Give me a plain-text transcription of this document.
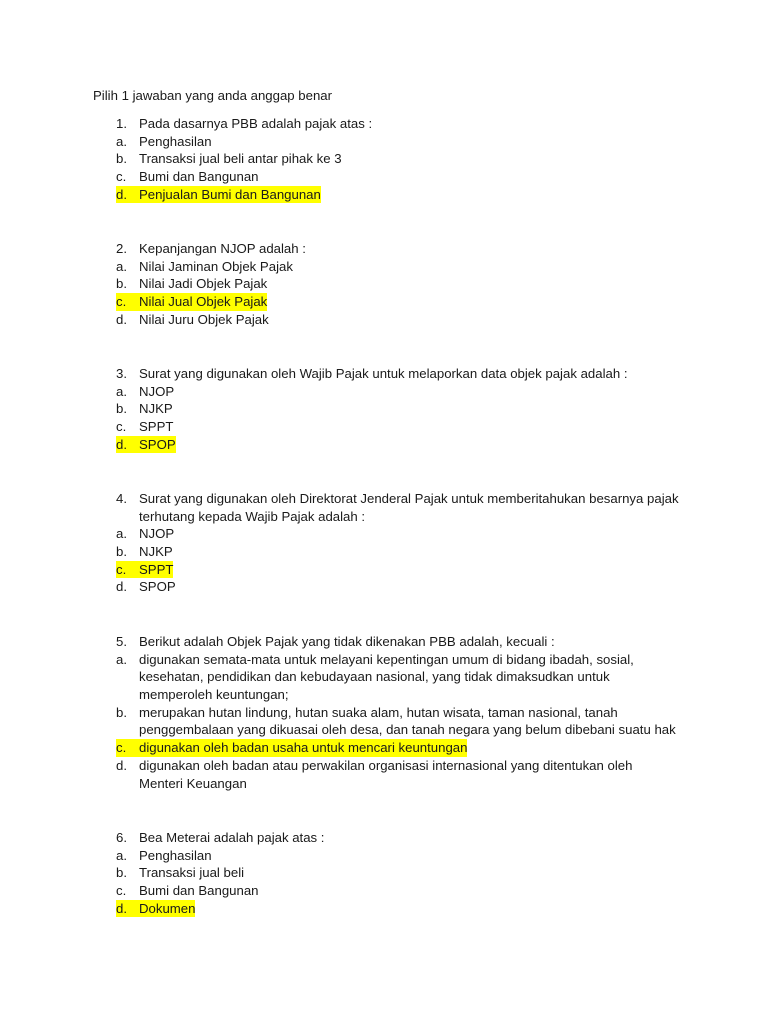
Pilih 1 jawaban yang anda anggap benar
1. Pada dasarnya PBB adalah pajak atas :
a. Penghasilan
b. Transaksi jual beli antar pihak ke 3
c. Bumi dan Bangunan
d. Penjualan Bumi dan Bangunan
2. Kepanjangan NJOP adalah :
a. Nilai Jaminan Objek Pajak
b. Nilai Jadi Objek Pajak
c. Nilai Jual Objek Pajak
d. Nilai Juru Objek Pajak
3. Surat yang digunakan oleh Wajib Pajak untuk melaporkan data objek pajak adalah :
a. NJOP
b. NJKP
c. SPPT
d. SPOP
4. Surat yang digunakan oleh Direktorat Jenderal Pajak untuk memberitahukan besarnya pajak
terhutang kepada Wajib Pajak adalah :
a. NJOP
b. NJKP
c. SPPT
d. SPOP
5. Berikut adalah Objek Pajak yang tidak dikenakan PBB adalah, kecuali :
a. digunakan semata-mata untuk melayani kepentingan umum di bidang ibadah, sosial,
kesehatan, pendidikan dan kebudayaan nasional, yang tidak dimaksudkan untuk
memperoleh keuntungan;
b. merupakan hutan lindung, hutan suaka alam, hutan wisata, taman nasional, tanah
penggembalaan yang dikuasai oleh desa, dan tanah negara yang belum dibebani suatu hak
c. digunakan oleh badan usaha untuk mencari keuntungan
d. digunakan oleh badan atau perwakilan organisasi internasional yang ditentukan oleh
Menteri Keuangan
6. Bea Meterai adalah pajak atas :
a. Penghasilan
b. Transaksi jual beli
c. Bumi dan Bangunan
d. Dokumen
